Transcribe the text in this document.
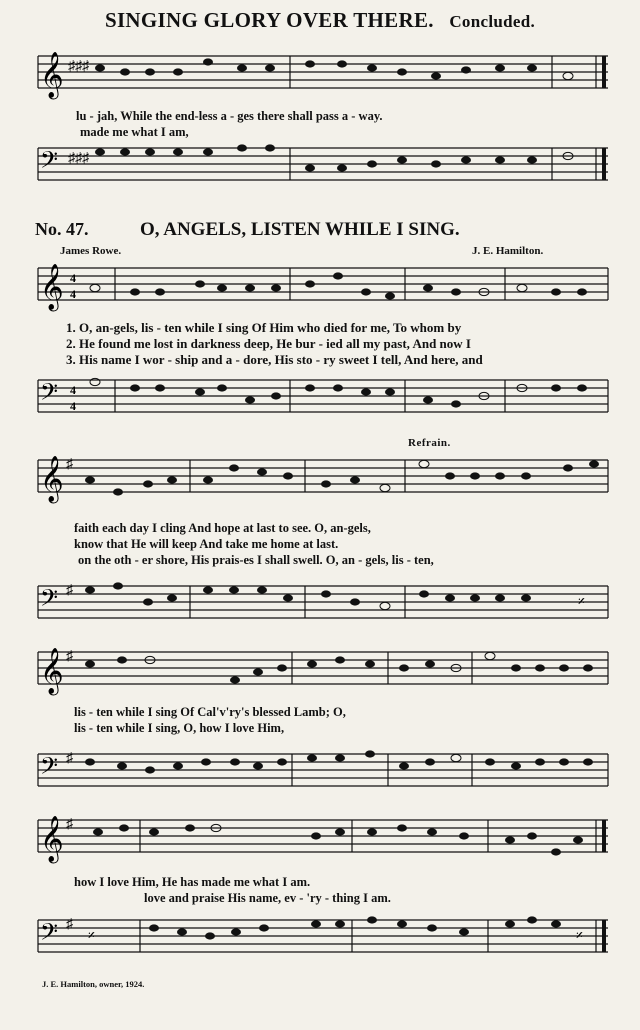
SINGING GLORY OVER THERE. Concluded.
𝄞 ♯♯♯
lu - jah, While the end-less a - ges there shall pass a - way.
made me what I am,
𝄢 ♯♯♯
No. 47.	O, ANGELS, LISTEN WHILE I SING.
James Rowe.	J. E. Hamilton.
𝄞 4
4
1. O, an-gels, lis - ten while I sing Of Him who died for me, To whom by
2. He found me lost in darkness deep, He bur - ied all my past, And now I
3. His name I wor - ship and a - dore, His sto - ry sweet I tell, And here, and
𝄢 4
4
Refrain.
𝄞 ♯
faith each day I cling And hope at last to see. O, an-gels,
know that He will keep And take me home at last.
on the oth - er shore, His prais-es I shall swell. O, an - gels, lis - ten,
𝄢 ♯
𝄎
𝄞 ♯
lis - ten while I sing Of Cal'v'ry's blessed Lamb; O,
lis - ten while I sing, O, how I love Him,
𝄢 ♯
𝄞 ♯
how I love Him, He has made me what I am.
love and praise His name, ev - 'ry - thing I am.
𝄢 ♯
𝄎	𝄎
J. E. Hamilton, owner, 1924.
